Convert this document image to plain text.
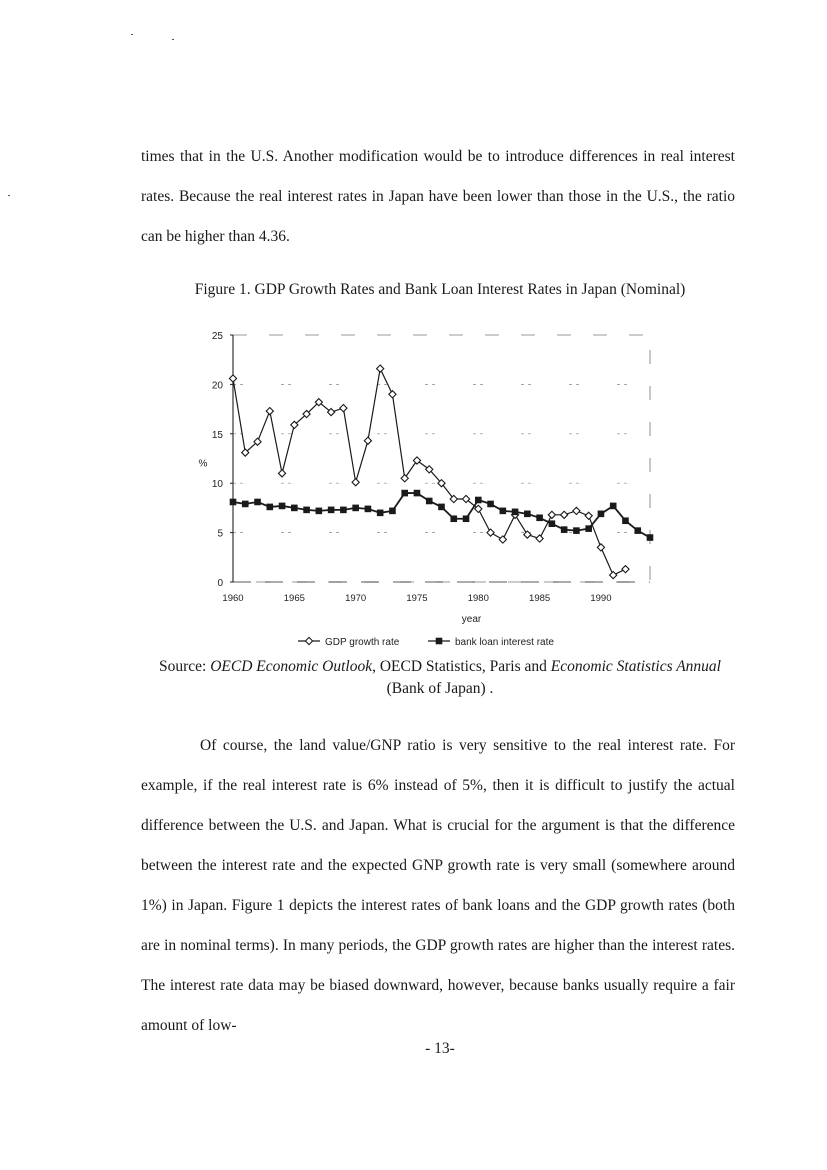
times that in the U.S. Another modification would be to introduce differences in real interest rates. Because the real interest rates in Japan have been lower than those in the U.S., the ratio can be higher than 4.36.

Figure 1. GDP Growth Rates and Bank Loan Interest Rates in Japan (Nominal)

0
5
10
15
20
25
1960	1965	1970	1975	1980	1985	1990
%
year
GDP growth rate	bank loan interest rate

Source: OECD Economic Outlook, OECD Statistics, Paris and Economic Statistics Annual (Bank of Japan) .

Of course, the land value/GNP ratio is very sensitive to the real interest rate. For example, if the real interest rate is 6% instead of 5%, then it is difficult to justify the actual difference between the U.S. and Japan. What is crucial for the argument is that the difference between the interest rate and the expected GNP growth rate is very small (somewhere around 1%) in Japan. Figure 1 depicts the interest rates of bank loans and the GDP growth rates (both are in nominal terms). In many periods, the GDP growth rates are higher than the interest rates. The interest rate data may be biased downward, however, because banks usually require a fair amount of low-

- 13-
